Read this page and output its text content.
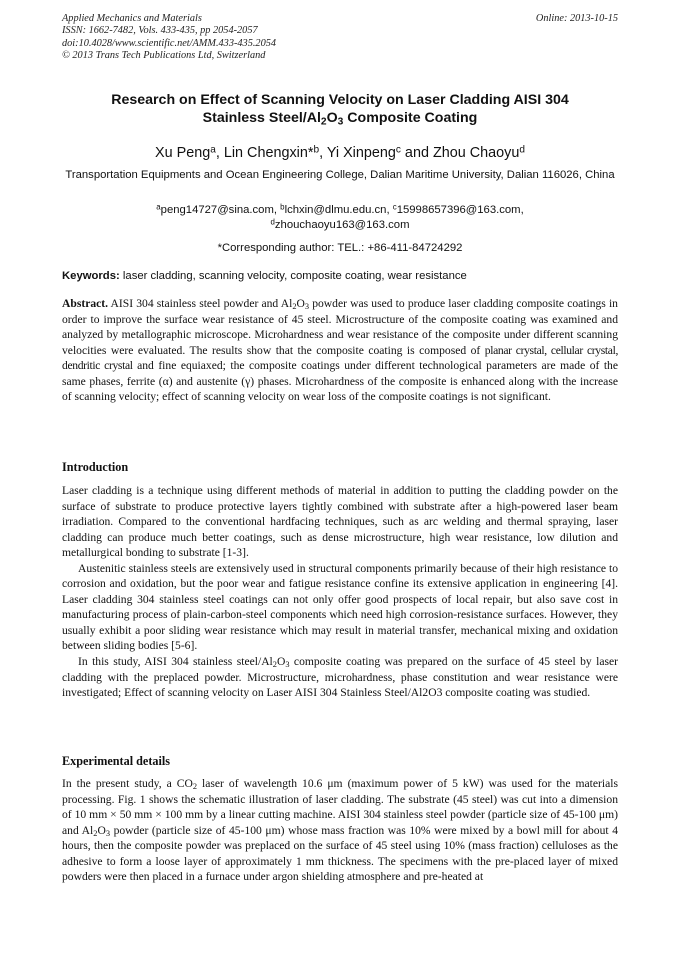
Applied Mechanics and Materials
ISSN: 1662-7482, Vols. 433-435, pp 2054-2057
doi:10.4028/www.scientific.net/AMM.433-435.2054
© 2013 Trans Tech Publications Ltd, Switzerland
Online: 2013-10-15
Research on Effect of Scanning Velocity on Laser Cladding AISI 304
Stainless Steel/$Al_2O_3$ Composite Coating
Xu Peng$^a$, Lin Chengxin*$^b$, Yi Xinpeng$^c$ and Zhou Chaoyu$^d$
Transportation Equipments and Ocean Engineering College, Dalian Maritime University, Dalian 116026, China
$^a$peng14727@sina.com, $^b$lchxin@dlmu.edu.cn, $^c$15998657396@163.com,
$^d$zhouchaoyu163@163.com
*Corresponding author: TEL.: +86-411-84724292
Keywords: laser cladding, scanning velocity, composite coating, wear resistance
Abstract. AISI 304 stainless steel powder and $Al_2O_3$ powder was used to produce laser cladding composite coatings in order to improve the surface wear resistance of 45 steel. Microstructure of the composite coating was examined and analyzed by metallographic microscope. Microhardness and wear resistance of the composite under different scanning velocities were evaluated. The results show that the composite coating is composed of planar crystal, cellular crystal, dendritic crystal and fine equiaxed; the composite coatings under different technological parameters are made of the same phases, ferrite (α) and austenite (γ) phases. Microhardness of the composite is enhanced along with the increase of scanning velocity; effect of scanning velocity on wear loss of the composite coatings is not significant.
Introduction

Laser cladding is a technique using different methods of material in addition to putting the cladding powder on the surface of substrate to produce protective layers tightly combined with substrate after a high-powered laser beam irradiation. Compared to the conventional hardfacing techniques, such as arc welding and thermal spraying, laser cladding can produce much better coatings, such as dense microstructure, high wear resistance, low dilution and metallurgical bonding to substrate [1-3].

Austenitic stainless steels are extensively used in structural components primarily because of their high resistance to corrosion and oxidation, but the poor wear and fatigue resistance confine its extensive application in engineering [4]. Laser cladding 304 stainless steel coatings can not only offer good prospects of local repair, but also save cost in manufacturing process of plain-carbon-steel components which need high corrosion-resistance surfaces. However, they usually exhibit a poor sliding wear resistance which may result in material transfer, mechanical mixing and oxidation between sliding bodies [5-6].

In this study, AISI 304 stainless steel/$Al_2O_3$ composite coating was prepared on the surface of 45 steel by laser cladding with the preplaced powder. Microstructure, microhardness, phase constitution and wear resistance were investigated; Effect of scanning velocity on Laser AISI 304 Stainless Steel/Al2O3 composite coating was studied.

Experimental details

In the present study, a $CO_2$ laser of wavelength 10.6 μm (maximum power of 5 kW) was used for the materials processing. Fig. 1 shows the schematic illustration of laser cladding. The substrate (45 steel) was cut into a dimension of 10 mm × 50 mm × 100 mm by a linear cutting machine. AISI 304 stainless steel powder (particle size of 45-100 μm) and $Al_2O_3$ powder (particle size of 45-100 μm) whose mass fraction was 10% were mixed by a bowl mill for about 4 hours, then the composite powder was preplaced on the surface of 45 steel using 10% (mass fraction) celluloses as the adhesive to form a loose layer of approximately 1 mm thickness. The specimens with the pre-placed layer of mixed powders were then placed in a furnace under argon shielding atmosphere and pre-heated at
